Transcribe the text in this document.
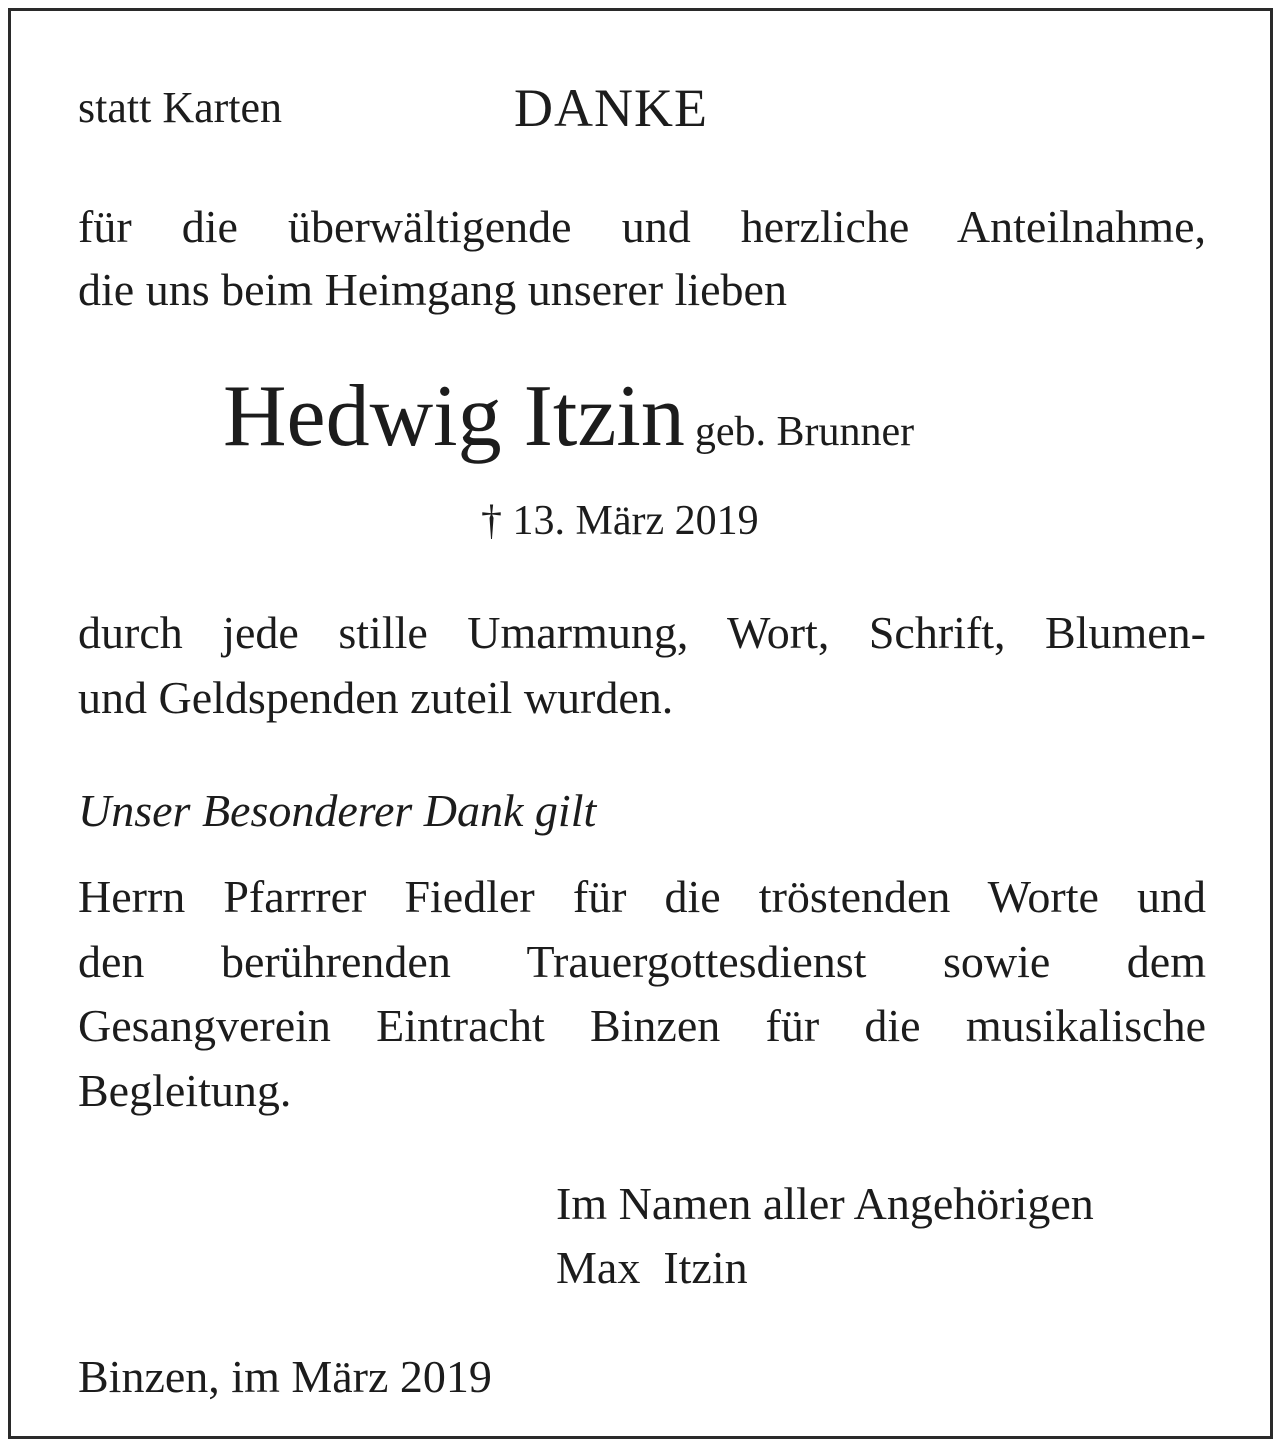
statt Karten	DANKE
für die überwältigende und herzliche Anteilnahme,
die uns beim Heimgang unserer lieben
Hedwig Itzin geb. Brunner
† 13. März 2019
durch jede stille Umarmung, Wort, Schrift, Blumen-
und Geldspenden zuteil wurden.
Unser Besonderer Dank gilt
Herrn Pfarrrer Fiedler für die tröstenden Worte und
den berührenden Trauergottesdienst sowie dem
Gesangverein Eintracht Binzen für die musikalische
Begleitung.
Im Namen aller Angehörigen
Max  Itzin
Binzen, im März 2019
